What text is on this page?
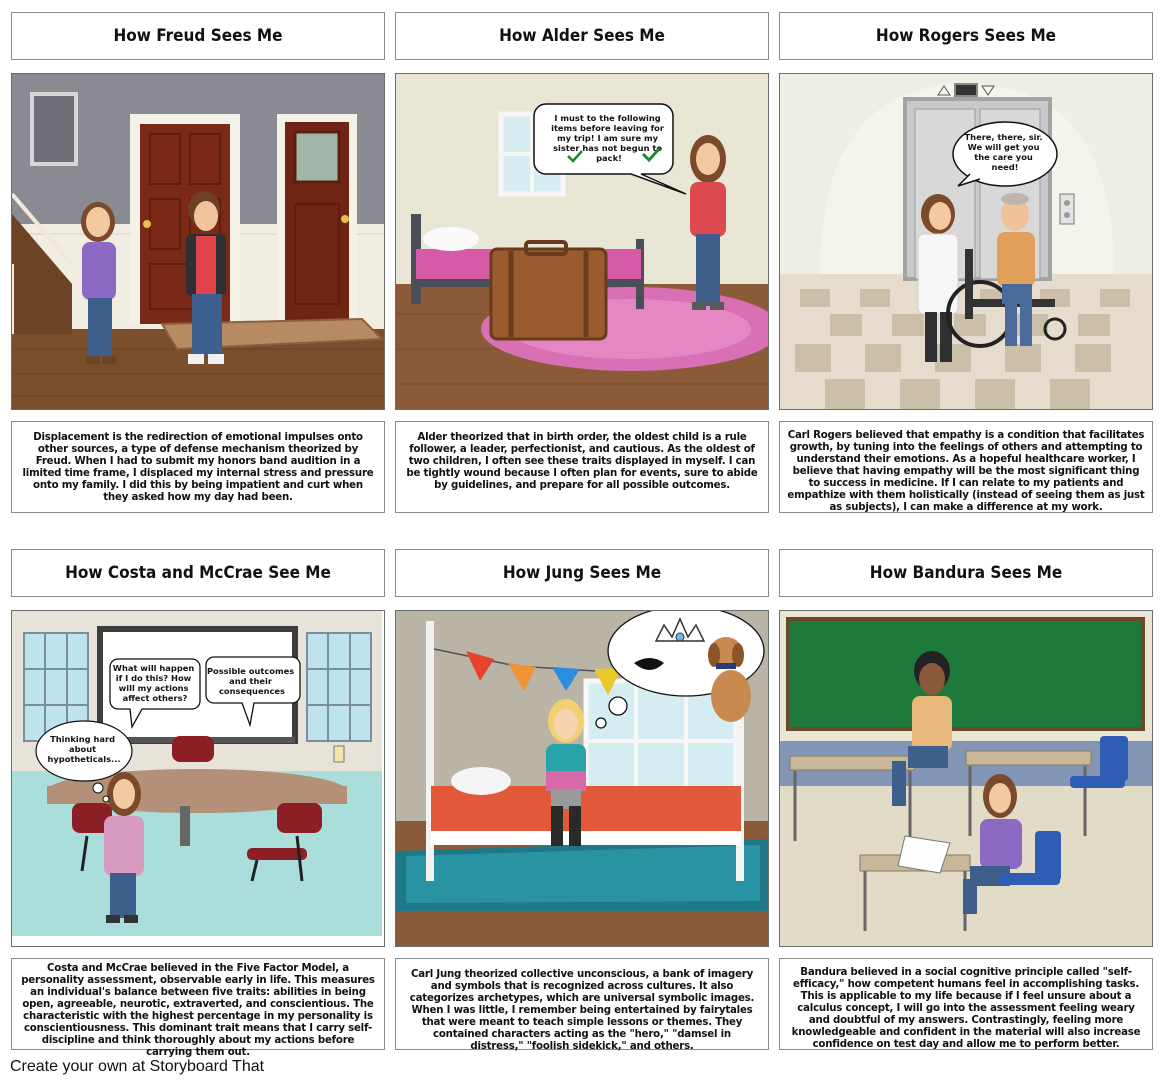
How Freud Sees Me	How Alder Sees Me	How Rogers Sees Me
I must to the following items before leaving for my trip! I am sure my sister has not begun to pack!
There, there, sir. We will get you the care you need!
Displacement is the redirection of emotional impulses onto other sources, a type of defense mechanism theorized by Freud. When I had to submit my honors band audition in a limited time frame, I displaced my internal stress and pressure onto my family. I did this by being impatient and curt when they asked how my day had been.
Alder theorized that in birth order, the oldest child is a rule follower, a leader, perfectionist, and cautious. As the oldest of two children, I often see these traits displayed in myself. I can be tightly wound because I often plan for events, sure to abide by guidelines, and prepare for all possible outcomes.
Carl Rogers believed that empathy is a condition that facilitates growth, by tuning into the feelings of others and attempting to understand their emotions. As a hopeful healthcare worker, I believe that having empathy will be the most significant thing to success in medicine. If I can relate to my patients and empathize with them holistically (instead of seeing them as just as subjects), I can make a difference at my work.
How Costa and McCrae See Me	How Jung Sees Me	How Bandura Sees Me
Thinking hard about hypotheticals...
What will happen if I do this? How will my actions affect others?
Possible outcomes and their consequences
Costa and McCrae believed in the Five Factor Model, a personality assessment, observable early in life. This measures an individual's balance between five traits: abilities in being open, agreeable, neurotic, extraverted, and conscientious. The characteristic with the highest percentage in my personality is conscientiousness. This dominant trait means that I carry self-discipline and think thoroughly about my actions before carrying them out.
Carl Jung theorized collective unconscious, a bank of imagery and symbols that is recognized across cultures. It also categorizes archetypes, which are universal symbolic images. When I was little, I remember being entertained by fairytales that were meant to teach simple lessons or themes. They contained characters acting as the "hero," "damsel in distress," "foolish sidekick," and others.
Bandura believed in a social cognitive principle called "self-efficacy," how competent humans feel in accomplishing tasks. This is applicable to my life because if I feel unsure about a calculus concept, I will go into the assessment feeling weary and doubtful of my answers. Contrastingly, feeling more knowledgeable and confident in the material will also increase confidence on test day and allow me to perform better.
Create your own at Storyboard That
